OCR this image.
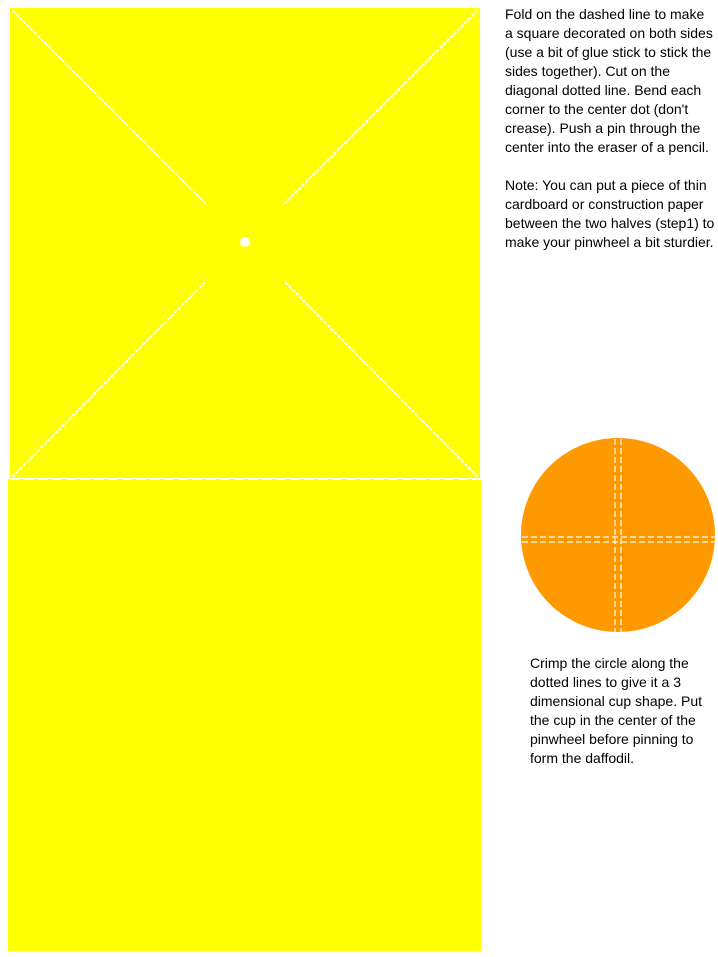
Fold on the dashed line to make a square decorated on both sides (use a bit of glue stick to stick the sides together). Cut on the diagonal dotted line. Bend each corner to the center dot (don't crease). Push a pin through the center into the eraser of a pencil.

Note: You can put a piece of thin cardboard or construction paper between the two halves (step1) to make your pinwheel a bit sturdier.

Crimp the circle along the dotted lines to give it a 3 dimensional cup shape. Put the cup in the center of the pinwheel before pinning to form the daffodil.
